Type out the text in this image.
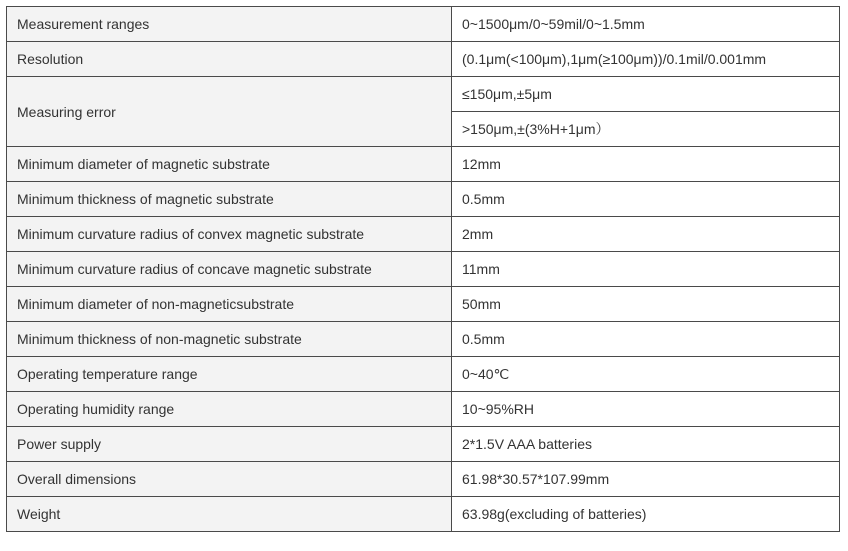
Measurement ranges	0~1500μm/0~59mil/0~1.5mm
Resolution	(0.1μm(<100μm),1μm(≥100μm))/0.1mil/0.001mm
Measuring error	≤150μm,±5μm
	>150μm,±(3%H+1μm）
Minimum diameter of magnetic substrate	12mm
Minimum thickness of magnetic substrate	0.5mm
Minimum curvature radius of convex magnetic substrate	2mm
Minimum curvature radius of concave magnetic substrate	11mm
Minimum diameter of non-magneticsubstrate	50mm
Minimum thickness of non-magnetic substrate	0.5mm
Operating temperature range	0~40℃
Operating humidity range	10~95%RH
Power supply	2*1.5V AAA batteries
Overall dimensions	61.98*30.57*107.99mm
Weight	63.98g(excluding of batteries)
